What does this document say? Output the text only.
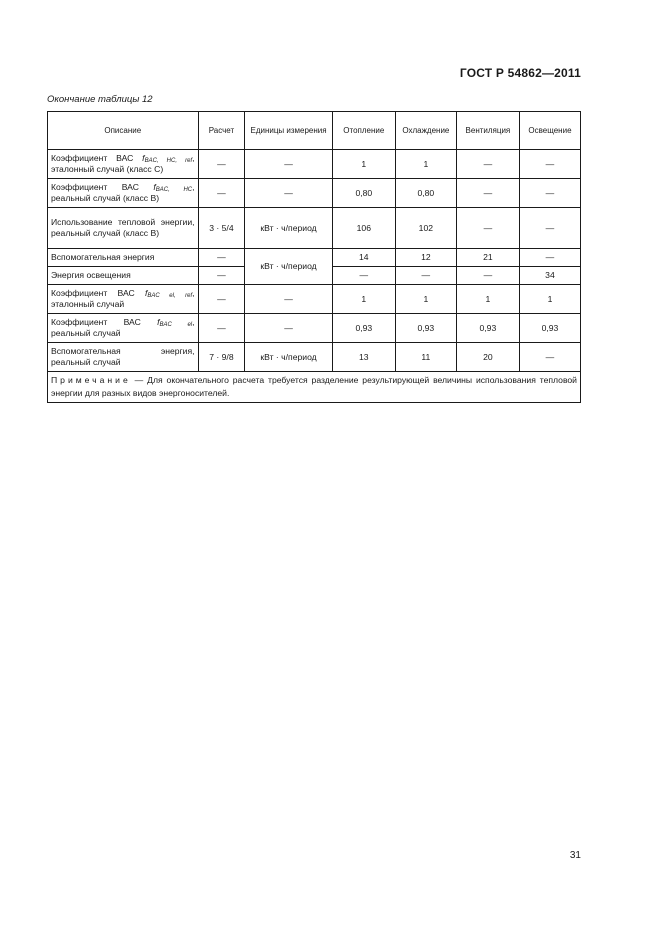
ГОСТ Р 54862—2011
Окончание таблицы 12
Описание	Расчет	Единицы измерения	Отопление	Охлаждение	Вентиляция	Освещение
Коэффициент ВАС $f_{BAC, HC, ref}$, эталонный случай (класс С)	—	—	1	1	—	—
Коэффициент ВАС $f_{BAC, HC}$, реальный случай (класс В)	—	—	0,80	0,80	—	—
Использование тепловой энергии, реальный случай (класс В)	3 · 5/4	кВт · ч/период	106	102	—	—
Вспомогательная энергия	—	кВт · ч/период	14	12	21	—
Энергия освещения	—		—	—	—	34
Коэффициент ВАС $f_{BAC el, ref}$, эталонный случай	—	—	1	1	1	1
Коэффициент ВАС $f_{BAC el}$, реальный случай	—	—	0,93	0,93	0,93	0,93
Вспомогательная энергия, реальный случай	7 · 9/8	кВт · ч/период	13	11	20	—
Примечание — Для окончательного расчета требуется разделение результирующей величины использования тепловой энергии для разных видов энергоносителей.						
31
